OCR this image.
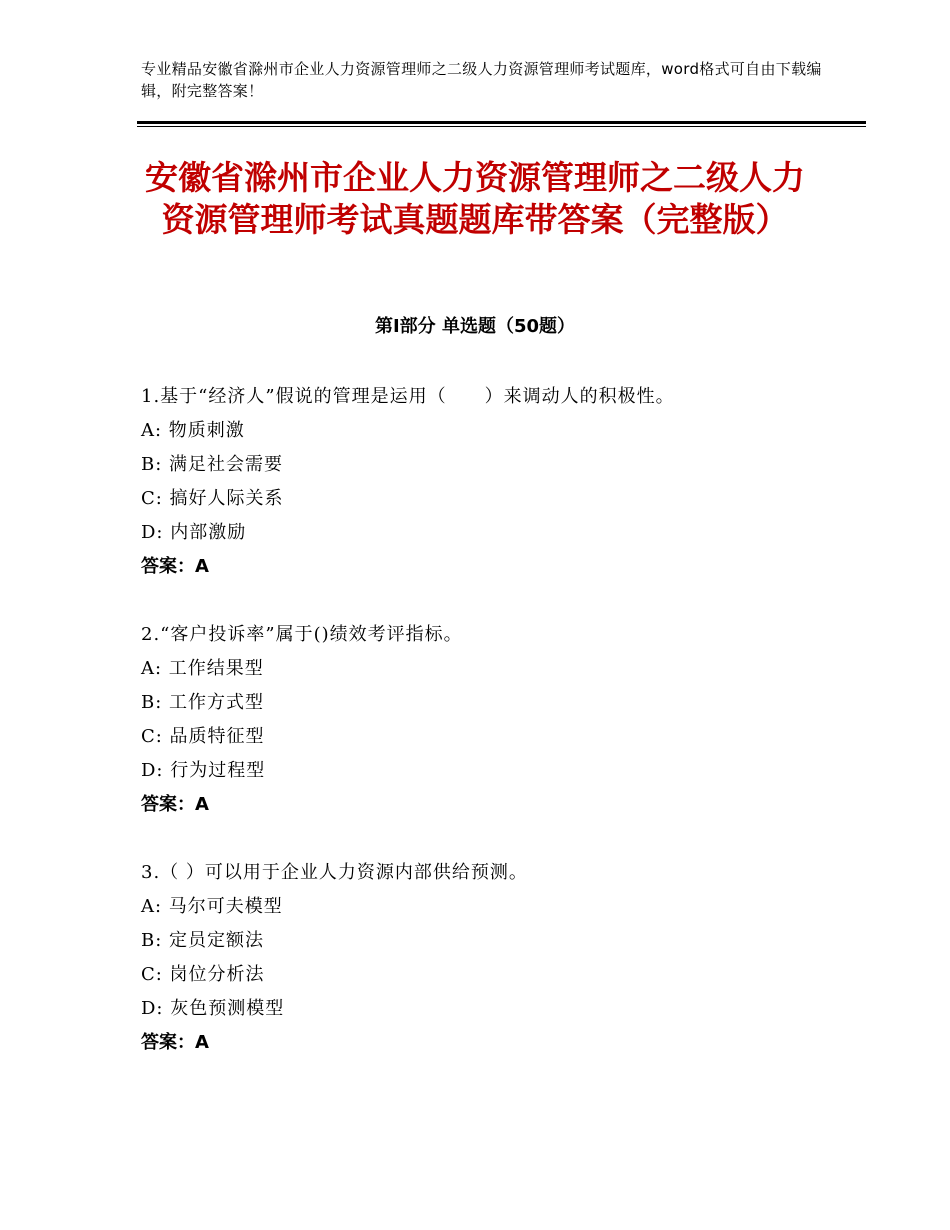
专业精品安徽省滁州市企业人力资源管理师之二级人力资源管理师考试题库，word格式可自由下载编辑，附完整答案！
安徽省滁州市企业人力资源管理师之二级人力资源管理师考试真题题库带答案（完整版）
第Ⅰ部分 单选题（50题）
1.基于“经济人”假说的管理是运用（　　）来调动人的积极性。
A: 物质刺激
B: 满足社会需要
C: 搞好人际关系
D: 内部激励
答案：A
2.“客户投诉率”属于()绩效考评指标。
A: 工作结果型
B: 工作方式型
C: 品质特征型
D: 行为过程型
答案：A
3.（ ）可以用于企业人力资源内部供给预测。
A: 马尔可夫模型
B: 定员定额法
C: 岗位分析法
D: 灰色预测模型
答案：A
